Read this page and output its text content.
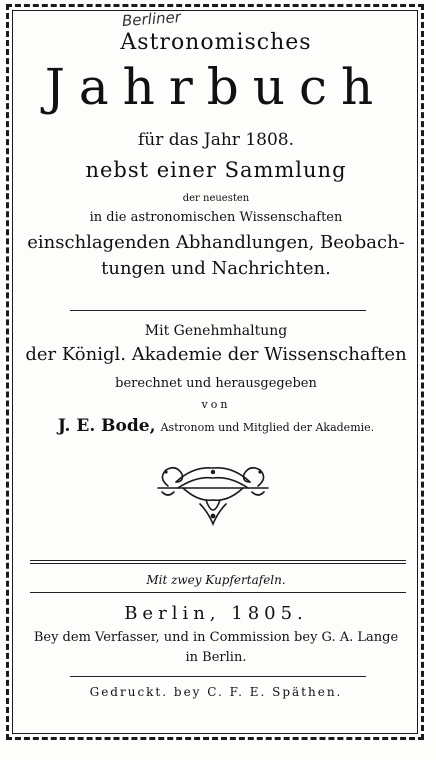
Berliner
Astronomisches
Jahrbuch
für das Jahr 1808.
nebst einer Sammlung
der neuesten
in die astronomischen Wissenschaften
einschlagenden Abhandlungen, Beobach-
tungen und Nachrichten.
Mit Genehmhaltung
der Königl. Akademie der Wissenschaften
berechnet und herausgegeben
von
J. E. Bode, Astronom und Mitglied der Akademie.
Mit zwey Kupfertafeln.
Berlin, 1805.
Bey dem Verfasser, und in Commission bey G. A. Lange
in Berlin.
Gedruckt. bey C. F. E. Späthen.
